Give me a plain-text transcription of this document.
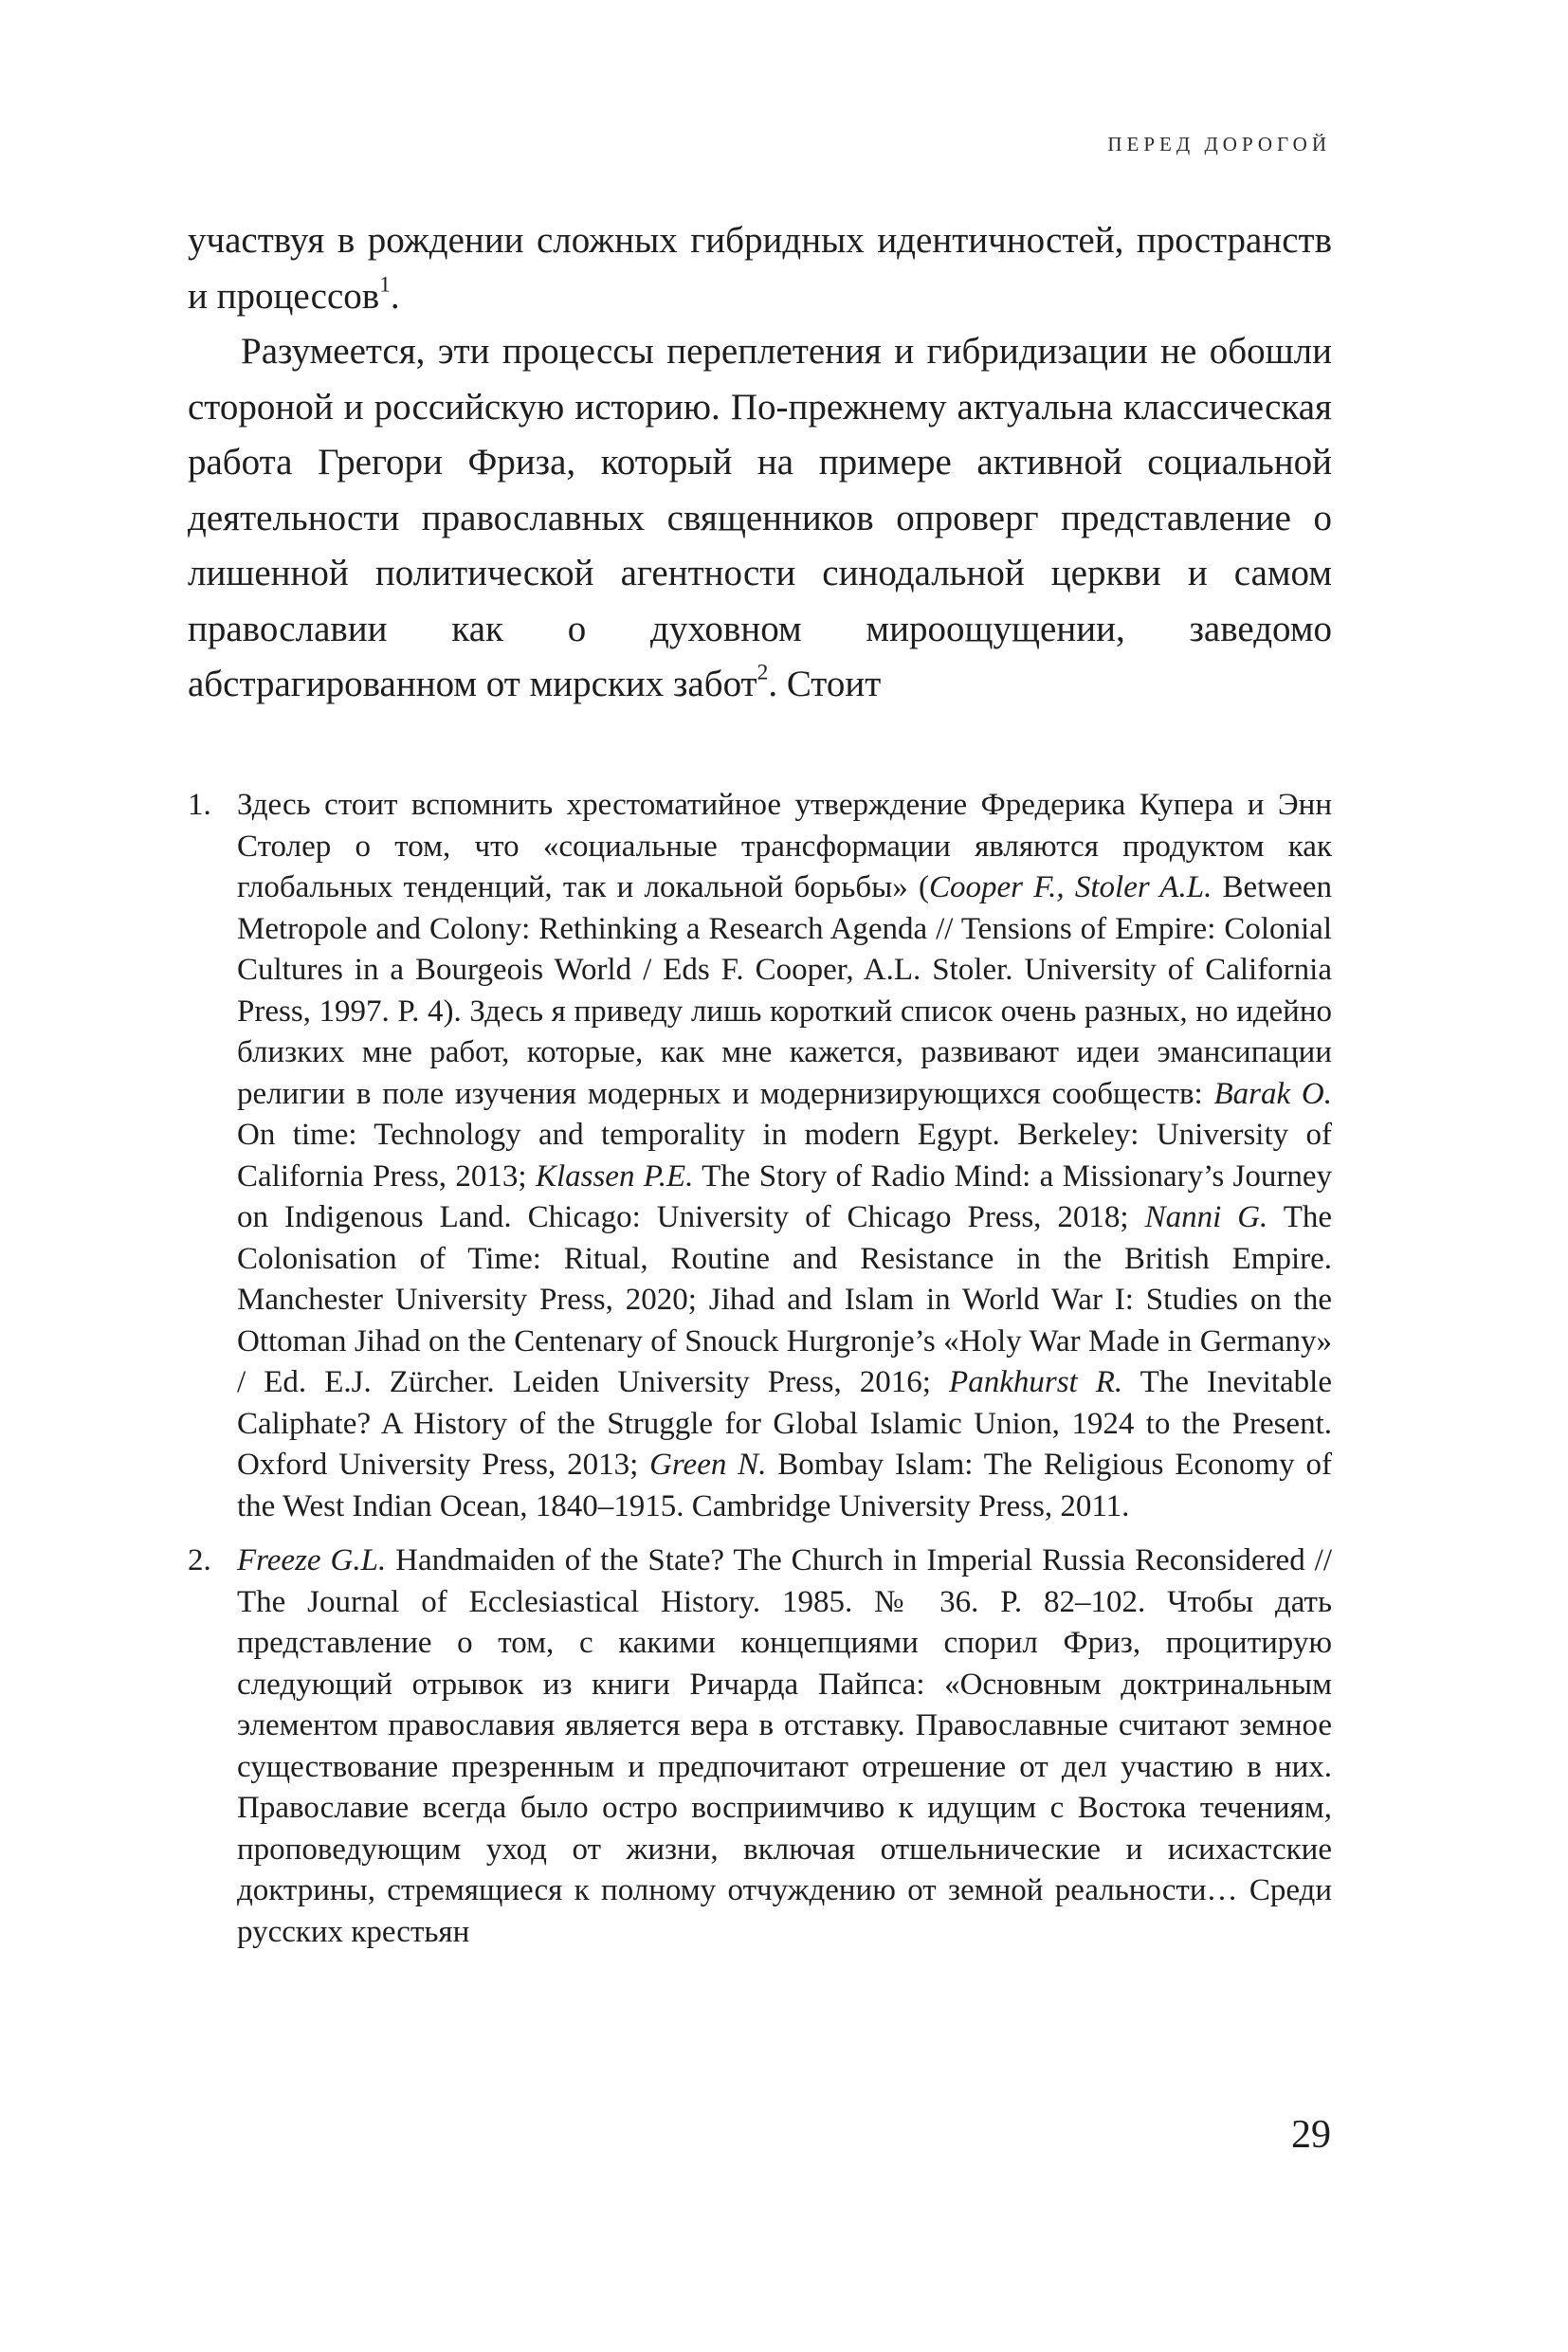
ПЕРЕД ДОРОГОЙ

участвуя в рождении сложных гибридных идентичностей, пространств и процессов$^1$.

Разумеется, эти процессы переплетения и гибридизации не обошли стороной и российскую историю. По-прежнему актуальна классическая работа Грегори Фриза, который на примере активной социальной деятельности православных священников опроверг представление о лишенной политической агентности синодальной церкви и самом православии как о духовном мироощущении, заведомо абстрагированном от мирских забот$^2$. Стоит

1. Здесь стоит вспомнить хрестоматийное утверждение Фредерика Купера и Энн Столер о том, что «социальные трансформации являются продуктом как глобальных тенденций, так и локальной борьбы» (Cooper F., Stoler A.L. Between Metropole and Colony: Rethinking a Research Agenda // Tensions of Empire: Colonial Cultures in a Bourgeois World / Eds F. Cooper, A.L. Stoler. University of California Press, 1997. P. 4). Здесь я приведу лишь короткий список очень разных, но идейно близких мне работ, которые, как мне кажется, развивают идеи эмансипации религии в поле изучения модерных и модернизирующихся сообществ: Barak O. On time: Technology and temporality in modern Egypt. Berkeley: University of California Press, 2013; Klassen P.E. The Story of Radio Mind: a Missionary’s Journey on Indigenous Land. Chicago: University of Chicago Press, 2018; Nanni G. The Colonisation of Time: Ritual, Routine and Resistance in the British Empire. Manchester University Press, 2020; Jihad and Islam in World War I: Studies on the Ottoman Jihad on the Centenary of Snouck Hurgronje’s «Holy War Made in Germany» / Ed. E.J. Zürcher. Leiden University Press, 2016; Pankhurst R. The Inevitable Caliphate? A History of the Struggle for Global Islamic Union, 1924 to the Present. Oxford University Press, 2013; Green N. Bombay Islam: The Religious Economy of the West Indian Ocean, 1840–1915. Cambridge University Press, 2011.
2. Freeze G.L. Handmaiden of the State? The Church in Imperial Russia Reconsidered // The Journal of Ecclesiastical History. 1985. № 36. P. 82–102. Чтобы дать представление о том, с какими концепциями спорил Фриз, процитирую следующий отрывок из книги Ричарда Пайпса: «Основным доктринальным элементом православия является вера в отставку. Православные считают земное существование презренным и предпочитают отрешение от дел участию в них. Православие всегда было остро восприимчиво к идущим с Востока течениям, проповедующим уход от жизни, включая отшельнические и исихастские доктрины, стремящиеся к полному отчуждению от земной реальности… Среди русских крестьян
29
